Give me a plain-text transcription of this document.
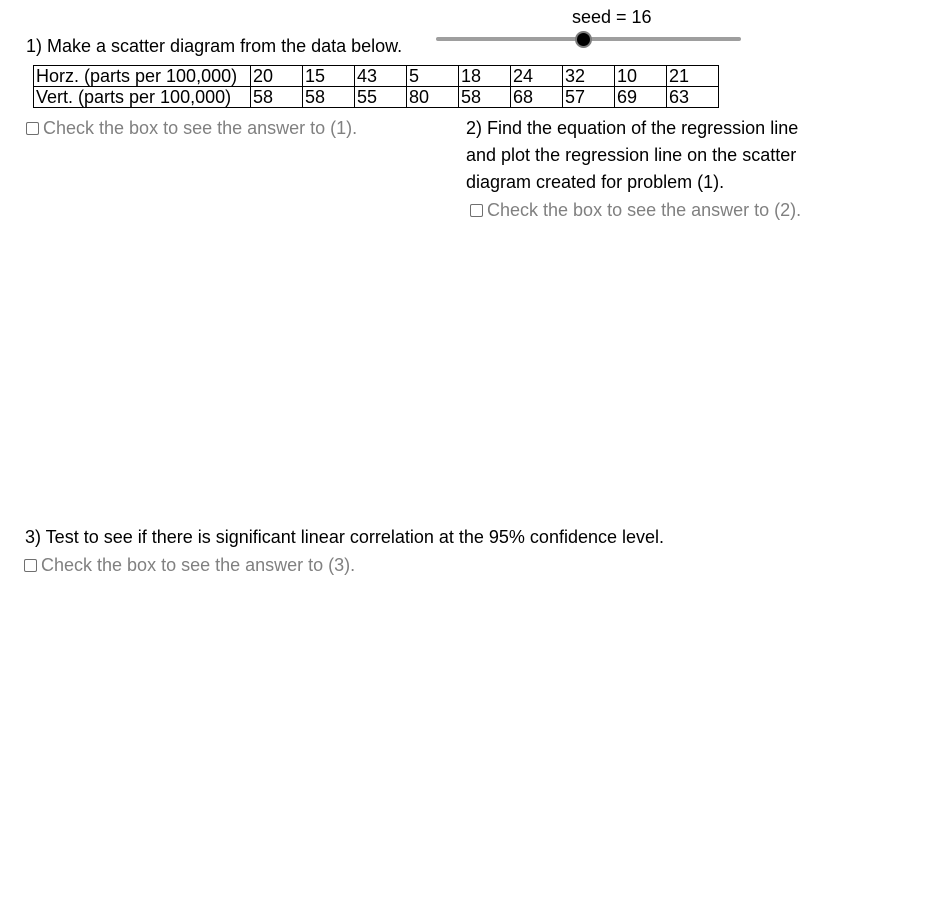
seed = 16
1) Make a scatter diagram from the data below.
Horz. (parts per 100,000)	20	15	43	5	18	24	32	10	21
Vert. (parts per 100,000)	58	58	55	80	58	68	57	69	63
Check the box to see the answer to (1).	2) Find the equation of the regression line and plot the regression line on the scatter diagram created for problem (1).
Check the box to see the answer to (2).
3) Test to see if there is significant linear correlation at the 95% confidence level.
Check the box to see the answer to (3).
